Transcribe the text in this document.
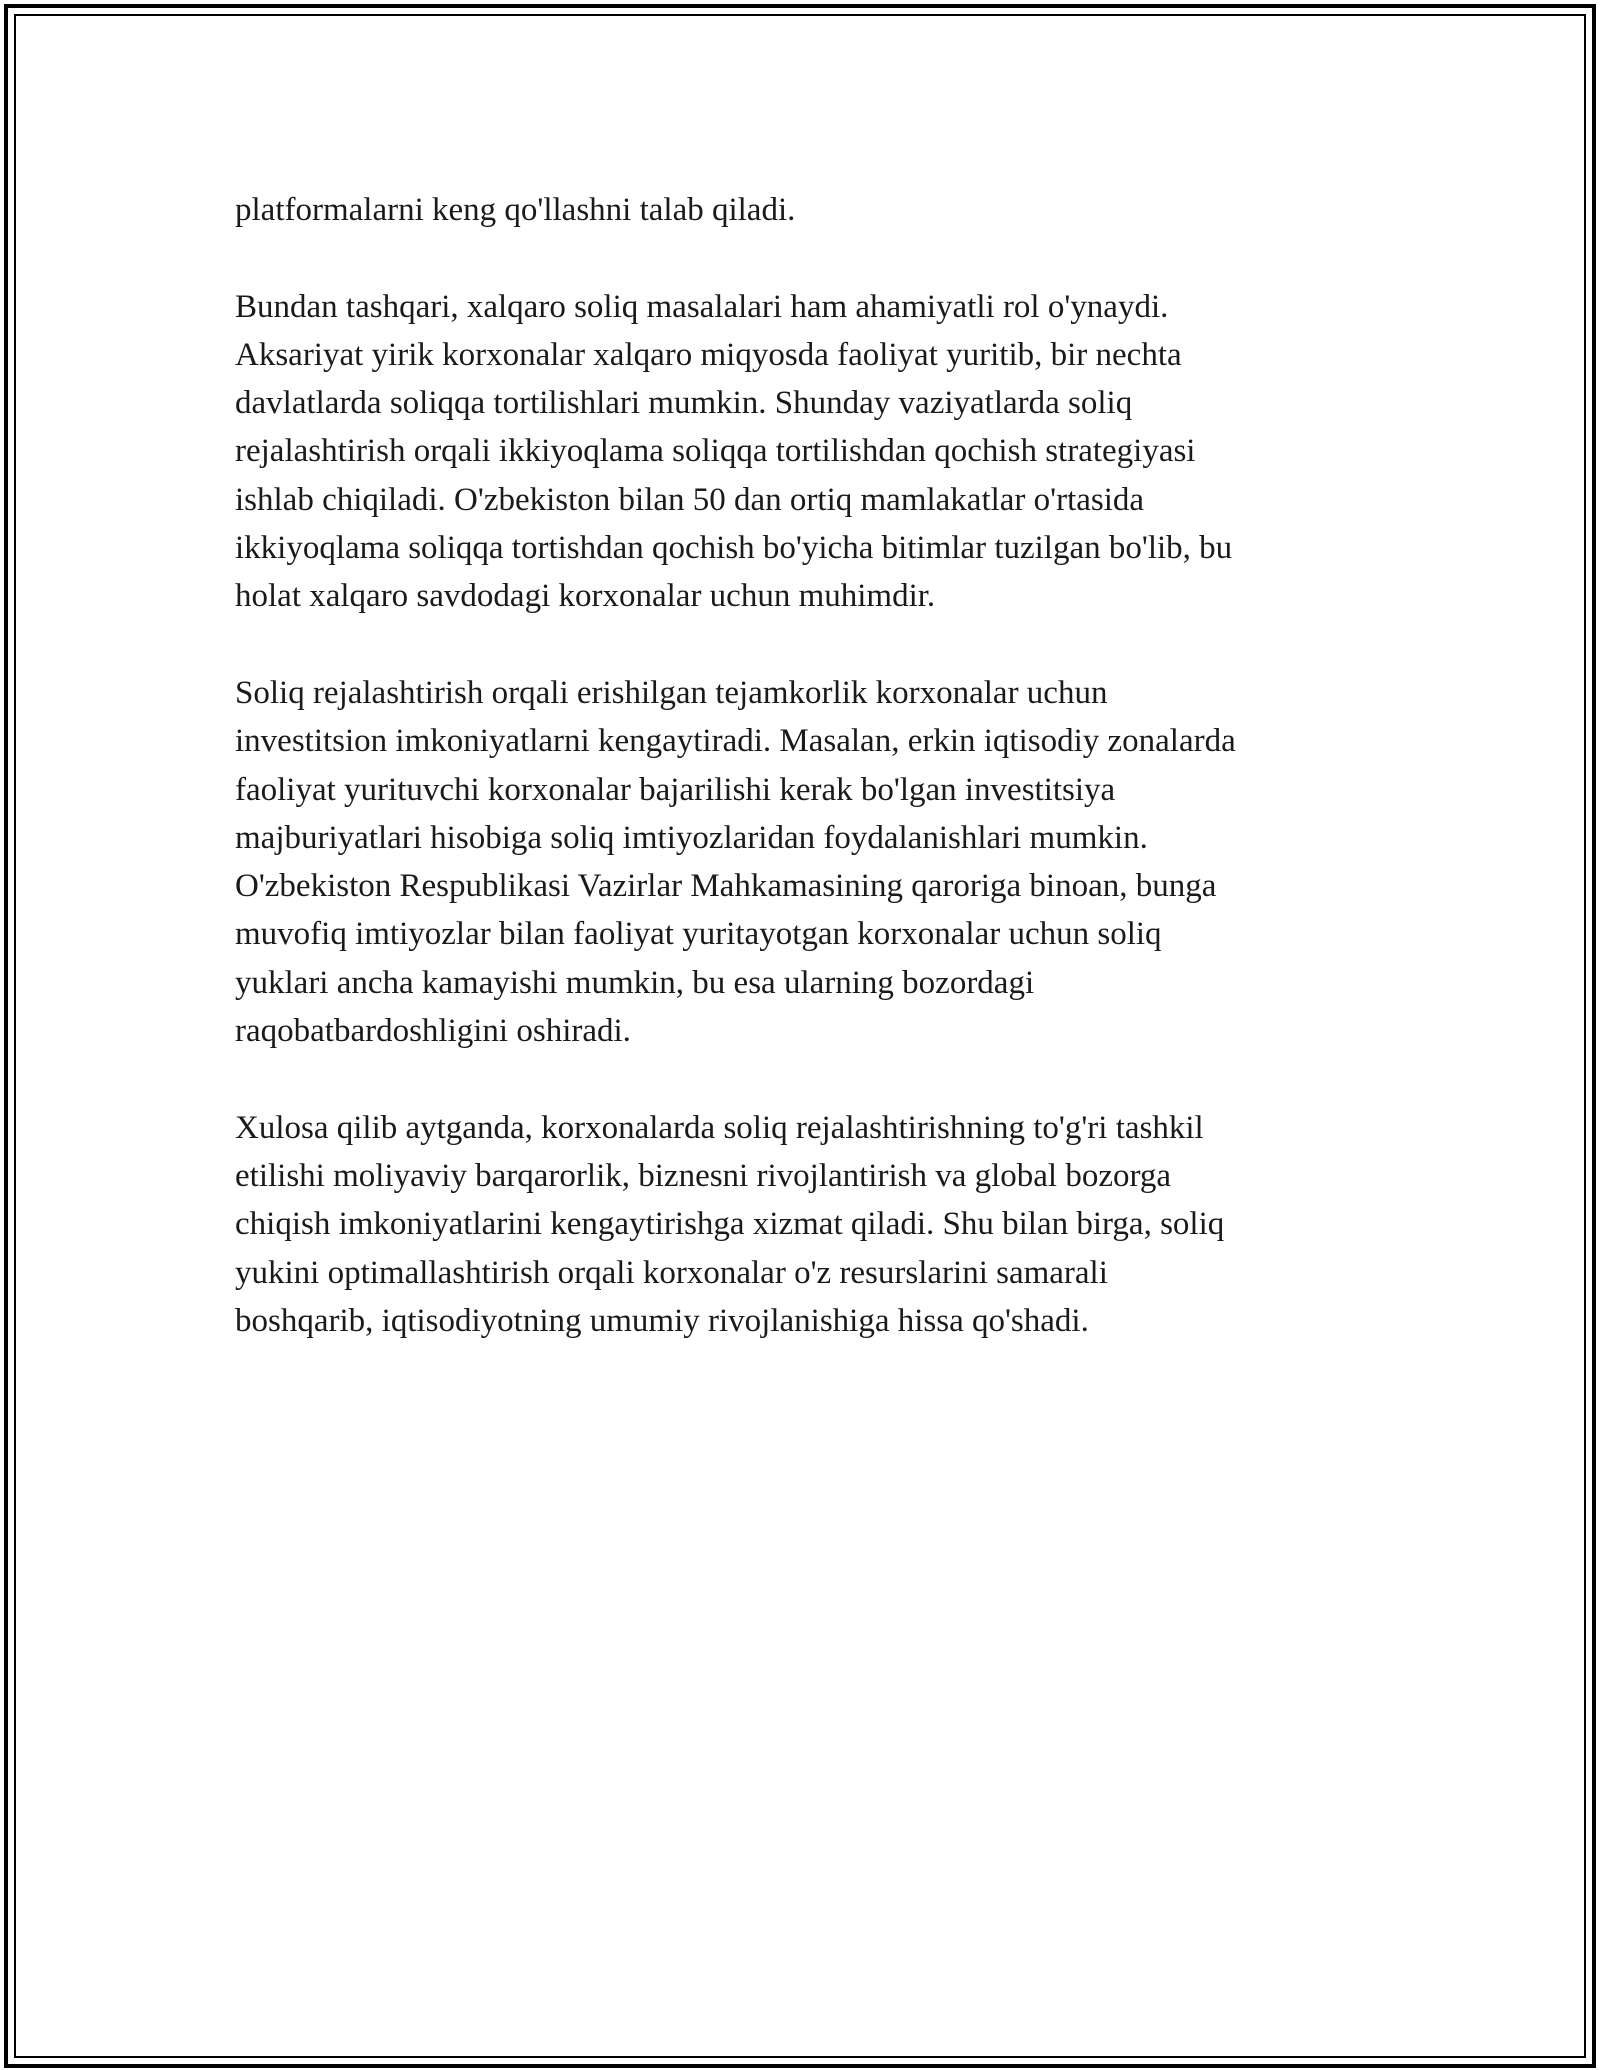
platformalarni keng qo'llashni talab qiladi.

Bundan tashqari, xalqaro soliq masalalari ham ahamiyatli rol o'ynaydi.
Aksariyat yirik korxonalar xalqaro miqyosda faoliyat yuritib, bir nechta
davlatlarda soliqqa tortilishlari mumkin. Shunday vaziyatlarda soliq
rejalashtirish orqali ikkiyoqlama soliqqa tortilishdan qochish strategiyasi
ishlab chiqiladi. O'zbekiston bilan 50 dan ortiq mamlakatlar o'rtasida
ikkiyoqlama soliqqa tortishdan qochish bo'yicha bitimlar tuzilgan bo'lib, bu
holat xalqaro savdodagi korxonalar uchun muhimdir.

Soliq rejalashtirish orqali erishilgan tejamkorlik korxonalar uchun
investitsion imkoniyatlarni kengaytiradi. Masalan, erkin iqtisodiy zonalarda
faoliyat yurituvchi korxonalar bajarilishi kerak bo'lgan investitsiya
majburiyatlari hisobiga soliq imtiyozlaridan foydalanishlari mumkin.
O'zbekiston Respublikasi Vazirlar Mahkamasining qaroriga binoan, bunga
muvofiq imtiyozlar bilan faoliyat yuritayotgan korxonalar uchun soliq
yuklari ancha kamayishi mumkin, bu esa ularning bozordagi
raqobatbardoshligini oshiradi.

Xulosa qilib aytganda, korxonalarda soliq rejalashtirishning to'g'ri tashkil
etilishi moliyaviy barqarorlik, biznesni rivojlantirish va global bozorga
chiqish imkoniyatlarini kengaytirishga xizmat qiladi. Shu bilan birga, soliq
yukini optimallashtirish orqali korxonalar o'z resurslarini samarali
boshqarib, iqtisodiyotning umumiy rivojlanishiga hissa qo'shadi.
